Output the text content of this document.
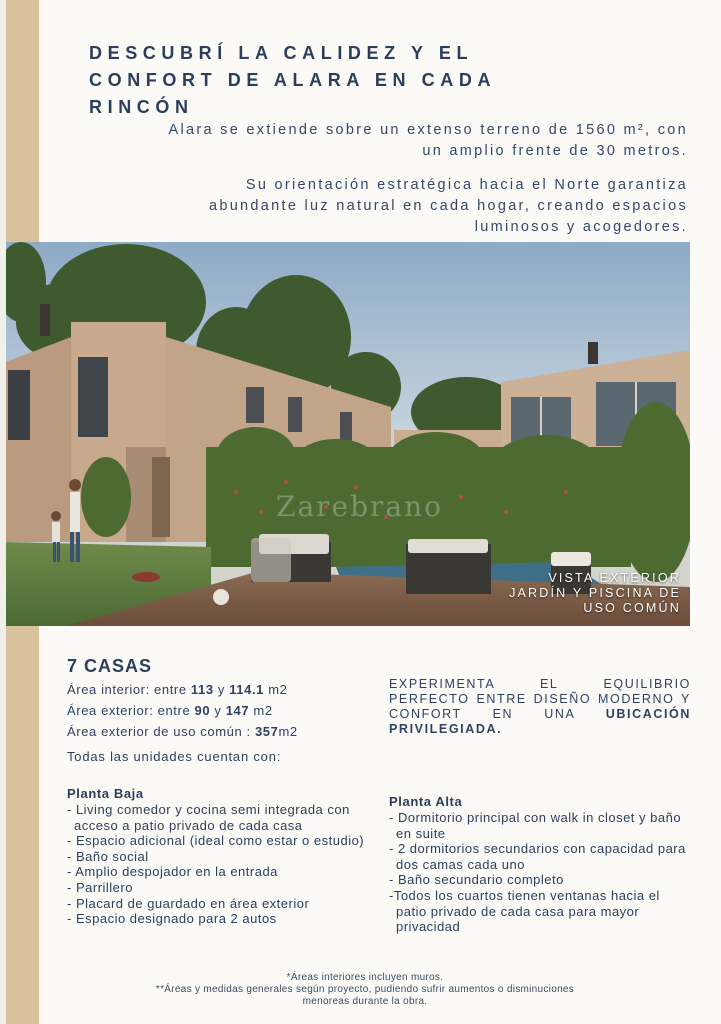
DESCUBRÍ LA CALIDEZ Y EL CONFORT DE ALARA EN CADA RINCÓN

Alara se extiende sobre un extenso terreno de 1560 m², con un amplio frente de 30 metros.

Su orientación estratégica hacia el Norte garantiza abundante luz natural en cada hogar, creando espacios luminosos y acogedores.

Zarebrano
VISTA EXTERIOR
JARDÍN Y PISCINA DE
USO COMÚN
7 CASAS
Área interior: entre 113 y 114.1 m2
Área exterior: entre 90 y 147 m2
Área exterior de uso común : 357m2
Todas las unidades cuentan con:
Planta Baja
- Living comedor y cocina semi integrada con acceso a patio privado de cada casa
- Espacio adicional (ideal como estar o estudio)
- Baño social
- Amplio despojador en la entrada
- Parrillero
- Placard de guardado en área exterior
- Espacio designado para 2 autos

EXPERIMENTA EL EQUILIBRIO PERFECTO ENTRE DISEÑO MODERNO Y CONFORT EN UNA UBICACIÓN PRIVILEGIADA.

Planta Alta
- Dormitorio principal con walk in closet y baño en suite
- 2 dormitorios secundarios con capacidad para dos camas cada uno
- Baño secundario completo
-Todos los cuartos tienen ventanas hacia el patio privado de cada casa para mayor privacidad
*Áreas interiores incluyen muros.
**Áreas y medidas generales según proyecto, pudiendo sufrir aumentos o disminuciones menoreas durante la obra.
